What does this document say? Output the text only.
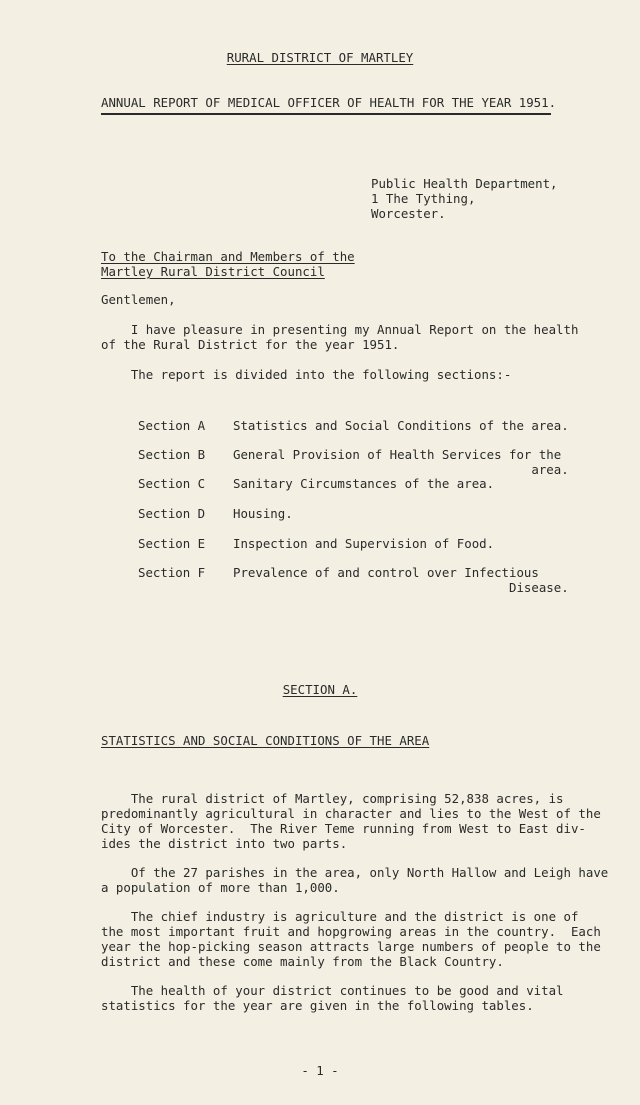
RURAL DISTRICT OF MARTLEY
ANNUAL REPORT OF MEDICAL OFFICER OF HEALTH FOR THE YEAR 1951.
Public Health Department,
1 The Tything,
Worcester.
To the Chairman and Members of the
Martley Rural District Council
Gentlemen,
I have pleasure in presenting my Annual Report on the health
of the Rural District for the year 1951.
The report is divided into the following sections:-
Section A Statistics and Social Conditions of the area.
Section B General Provision of Health Services for the
area.
Section C Sanitary Circumstances of the area.
Section D Housing.
Section E Inspection and Supervision of Food.
Section F Prevalence of and control over Infectious
Disease.
SECTION A.
STATISTICS AND SOCIAL CONDITIONS OF THE AREA
The rural district of Martley, comprising 52,838 acres, is
predominantly agricultural in character and lies to the West of the
City of Worcester.  The River Teme running from West to East div-
ides the district into two parts.
Of the 27 parishes in the area, only North Hallow and Leigh have
a population of more than 1,000.
The chief industry is agriculture and the district is one of
the most important fruit and hopgrowing areas in the country.  Each
year the hop-picking season attracts large numbers of people to the
district and these come mainly from the Black Country.
The health of your district continues to be good and vital
statistics for the year are given in the following tables.
- 1 -
